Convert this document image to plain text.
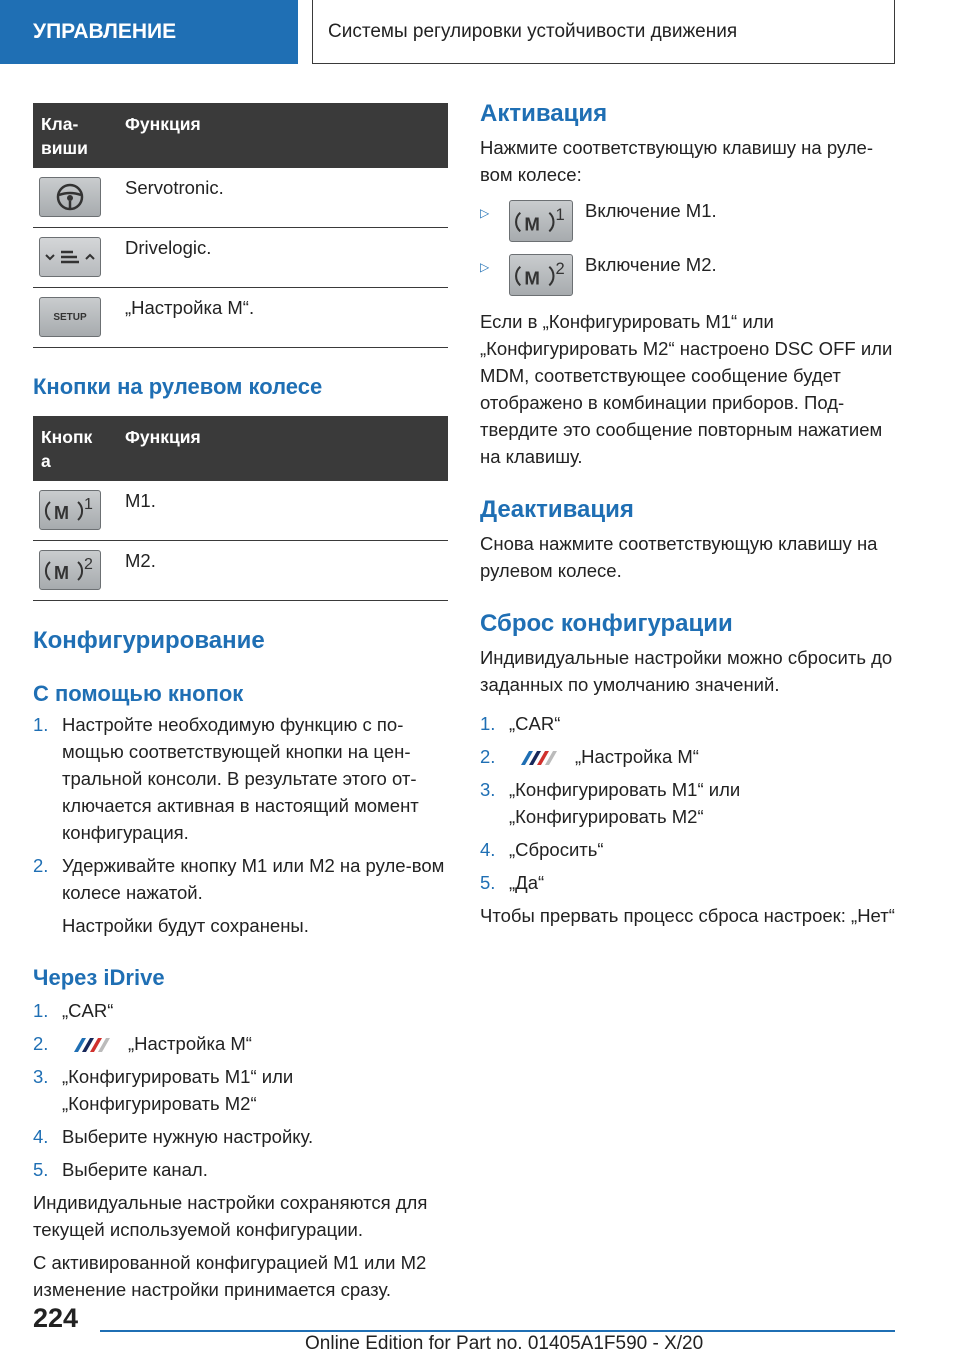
УПРАВЛЕНИЕ	Системы регулировки устойчивости движения
Кла-
виши	Функция

	Servotronic.

	Drivelogic.

SETUP	„Настройка M“.
Кнопки на рулевом колесе
Кнопк
а	Функция

M 1	M1.

M 2	M2.
Конфигурирование
С помощью кнопок
1. Настройте необходимую функцию с по-мощью соответствующей кнопки на цен-тральной консоли. В результате этого от-ключается активная в настоящий момент конфигурация.
2. Удерживайте кнопку M1 или M2 на руле-вом колесе нажатой.

Настройки будут сохранены.

Через iDrive
1. „CAR“
2.	„Настройка M“
3. „Конфигурировать M1“ или „Конфигурировать M2“
4. Выберите нужную настройку.
5. Выберите канал.

Индивидуальные настройки сохраняются для текущей используемой конфигурации.

С активированной конфигурацией M1 или M2 изменение настройки принимается сразу.

Активация

Нажмите соответствующую клавишу на руле-вом колесе:

▷
M 1 Включение M1.
▷
M 2 Включение M2.

Если в „Конфигурировать M1“ или „Конфигурировать M2“ настроено DSC OFF или MDM, соответствующее сообщение будет отображено в комбинации приборов. Под-твердите это сообщение повторным нажатием на клавишу.

Деактивация

Снова нажмите соответствующую клавишу на рулевом колесе.

Сброс конфигурации

Индивидуальные настройки можно сбросить до заданных по умолчанию значений.

1. „CAR“
2.	„Настройка M“
3. „Конфигурировать M1“ или „Конфигурировать M2“
4. „Сбросить“
5. „Да“

Чтобы прервать процесс сброса настроек: „Нет“

224
Online Edition for Part no. 01405A1F590 - X/20
